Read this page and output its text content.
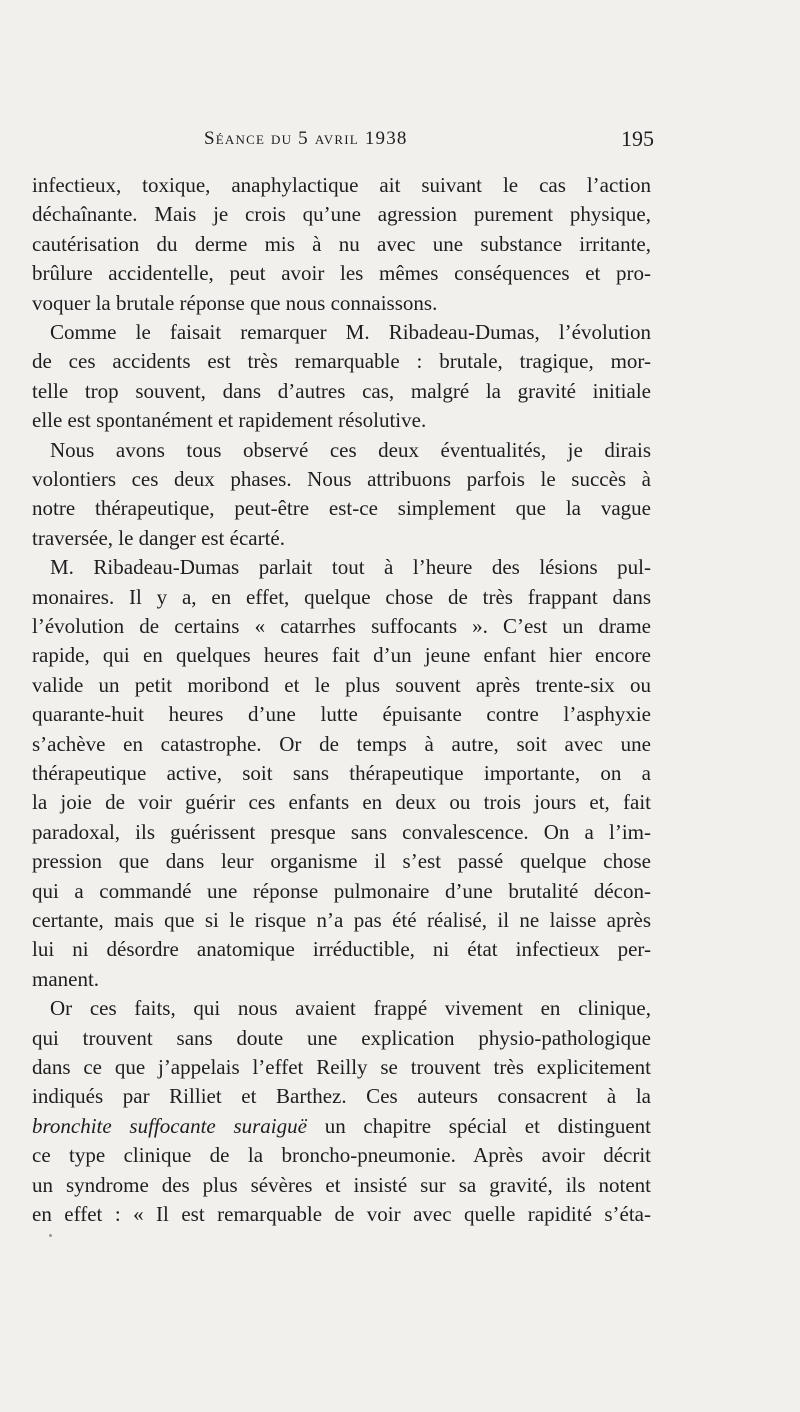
Séance du 5 avril 1938	195
infectieux, toxique, anaphylactique ait suivant le cas l’action
déchaînante. Mais je crois qu’une agression purement physique,
cautérisation du derme mis à nu avec une substance irritante,
brûlure accidentelle, peut avoir les mêmes conséquences et pro-
voquer la brutale réponse que nous connaissons.
Comme le faisait remarquer M. Ribadeau-Dumas, l’évolution
de ces accidents est très remarquable : brutale, tragique, mor-
telle trop souvent, dans d’autres cas, malgré la gravité initiale
elle est spontanément et rapidement résolutive.
Nous avons tous observé ces deux éventualités, je dirais
volontiers ces deux phases. Nous attribuons parfois le succès à
notre thérapeutique, peut-être est-ce simplement que la vague
traversée, le danger est écarté.
M. Ribadeau-Dumas parlait tout à l’heure des lésions pul-
monaires. Il y a, en effet, quelque chose de très frappant dans
l’évolution de certains « catarrhes suffocants ». C’est un drame
rapide, qui en quelques heures fait d’un jeune enfant hier encore
valide un petit moribond et le plus souvent après trente-six ou
quarante-huit heures d’une lutte épuisante contre l’asphyxie
s’achève en catastrophe. Or de temps à autre, soit avec une
thérapeutique active, soit sans thérapeutique importante, on a
la joie de voir guérir ces enfants en deux ou trois jours et, fait
paradoxal, ils guérissent presque sans convalescence. On a l’im-
pression que dans leur organisme il s’est passé quelque chose
qui a commandé une réponse pulmonaire d’une brutalité décon-
certante, mais que si le risque n’a pas été réalisé, il ne laisse après
lui ni désordre anatomique irréductible, ni état infectieux per-
manent.
Or ces faits, qui nous avaient frappé vivement en clinique,
qui trouvent sans doute une explication physio-pathologique
dans ce que j’appelais l’effet Reilly se trouvent très explicitement
indiqués par Rilliet et Barthez. Ces auteurs consacrent à la
bronchite suffocante suraiguë un chapitre spécial et distinguent
ce type clinique de la broncho-pneumonie. Après avoir décrit
un syndrome des plus sévères et insisté sur sa gravité, ils notent
en effet : « Il est remarquable de voir avec quelle rapidité s’éta-
